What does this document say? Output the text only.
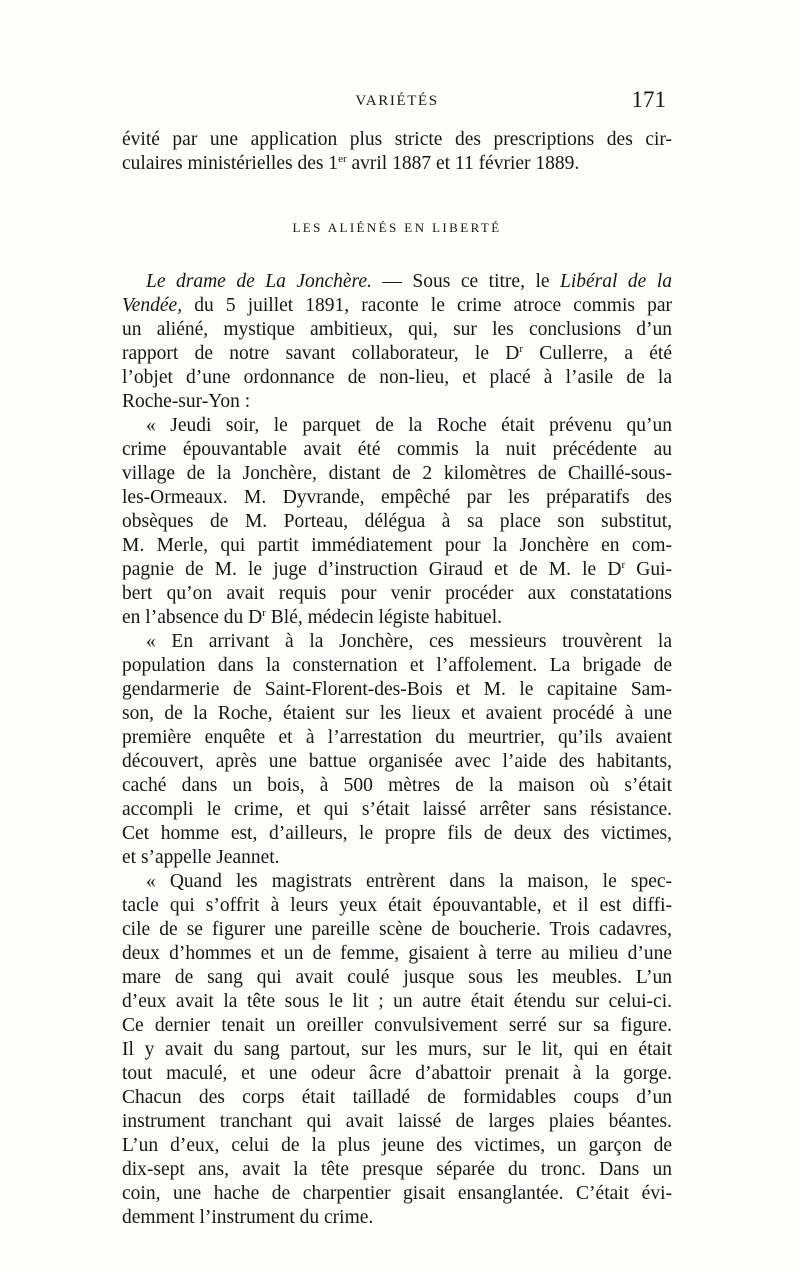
VARIÉTÉS	171
évité par une application plus stricte des prescriptions des cir-
culaires ministérielles des 1er avril 1887 et 11 février 1889.
Le drame de La Jonchère. — Sous ce titre, le Libéral de la
Vendée, du 5 juillet 1891, raconte le crime atroce commis par
un aliéné, mystique ambitieux, qui, sur les conclusions d’un
rapport de notre savant collaborateur, le $D^r$ Cullerre, a été
l’objet d’une ordonnance de non-lieu, et placé à l’asile de la
Roche-sur-Yon :
« Jeudi soir, le parquet de la Roche était prévenu qu’un
crime épouvantable avait été commis la nuit précédente au
village de la Jonchère, distant de 2 kilomètres de Chaillé-sous-
les-Ormeaux. M. Dyvrande, empêché par les préparatifs des
obsèques de M. Porteau, délégua à sa place son substitut,
M. Merle, qui partit immédiatement pour la Jonchère en com-
pagnie de M. le juge d’instruction Giraud et de M. le $D^r$ Gui-
bert qu’on avait requis pour venir procéder aux constatations
en l’absence du $D^r$ Blé, médecin légiste habituel.
« En arrivant à la Jonchère, ces messieurs trouvèrent la
population dans la consternation et l’affolement. La brigade de
gendarmerie de Saint-Florent-des-Bois et M. le capitaine Sam-
son, de la Roche, étaient sur les lieux et avaient procédé à une
première enquête et à l’arrestation du meurtrier, qu’ils avaient
découvert, après une battue organisée avec l’aide des habitants,
caché dans un bois, à 500 mètres de la maison où s’était
accompli le crime, et qui s’était laissé arrêter sans résistance.
Cet homme est, d’ailleurs, le propre fils de deux des victimes,
et s’appelle Jeannet.
« Quand les magistrats entrèrent dans la maison, le spec-
tacle qui s’offrit à leurs yeux était épouvantable, et il est diffi-
cile de se figurer une pareille scène de boucherie. Trois cadavres,
deux d’hommes et un de femme, gisaient à terre au milieu d’une
mare de sang qui avait coulé jusque sous les meubles. L’un
d’eux avait la tête sous le lit ; un autre était étendu sur celui-ci.
Ce dernier tenait un oreiller convulsivement serré sur sa figure.
Il y avait du sang partout, sur les murs, sur le lit, qui en était
tout maculé, et une odeur âcre d’abattoir prenait à la gorge.
Chacun des corps était tailladé de formidables coups d’un
instrument tranchant qui avait laissé de larges plaies béantes.
L’un d’eux, celui de la plus jeune des victimes, un garçon de
dix-sept ans, avait la tête presque séparée du tronc. Dans un
coin, une hache de charpentier gisait ensanglantée. C’était évi-
demment l’instrument du crime.
LES ALIÉNÉS EN LIBERTÉ
